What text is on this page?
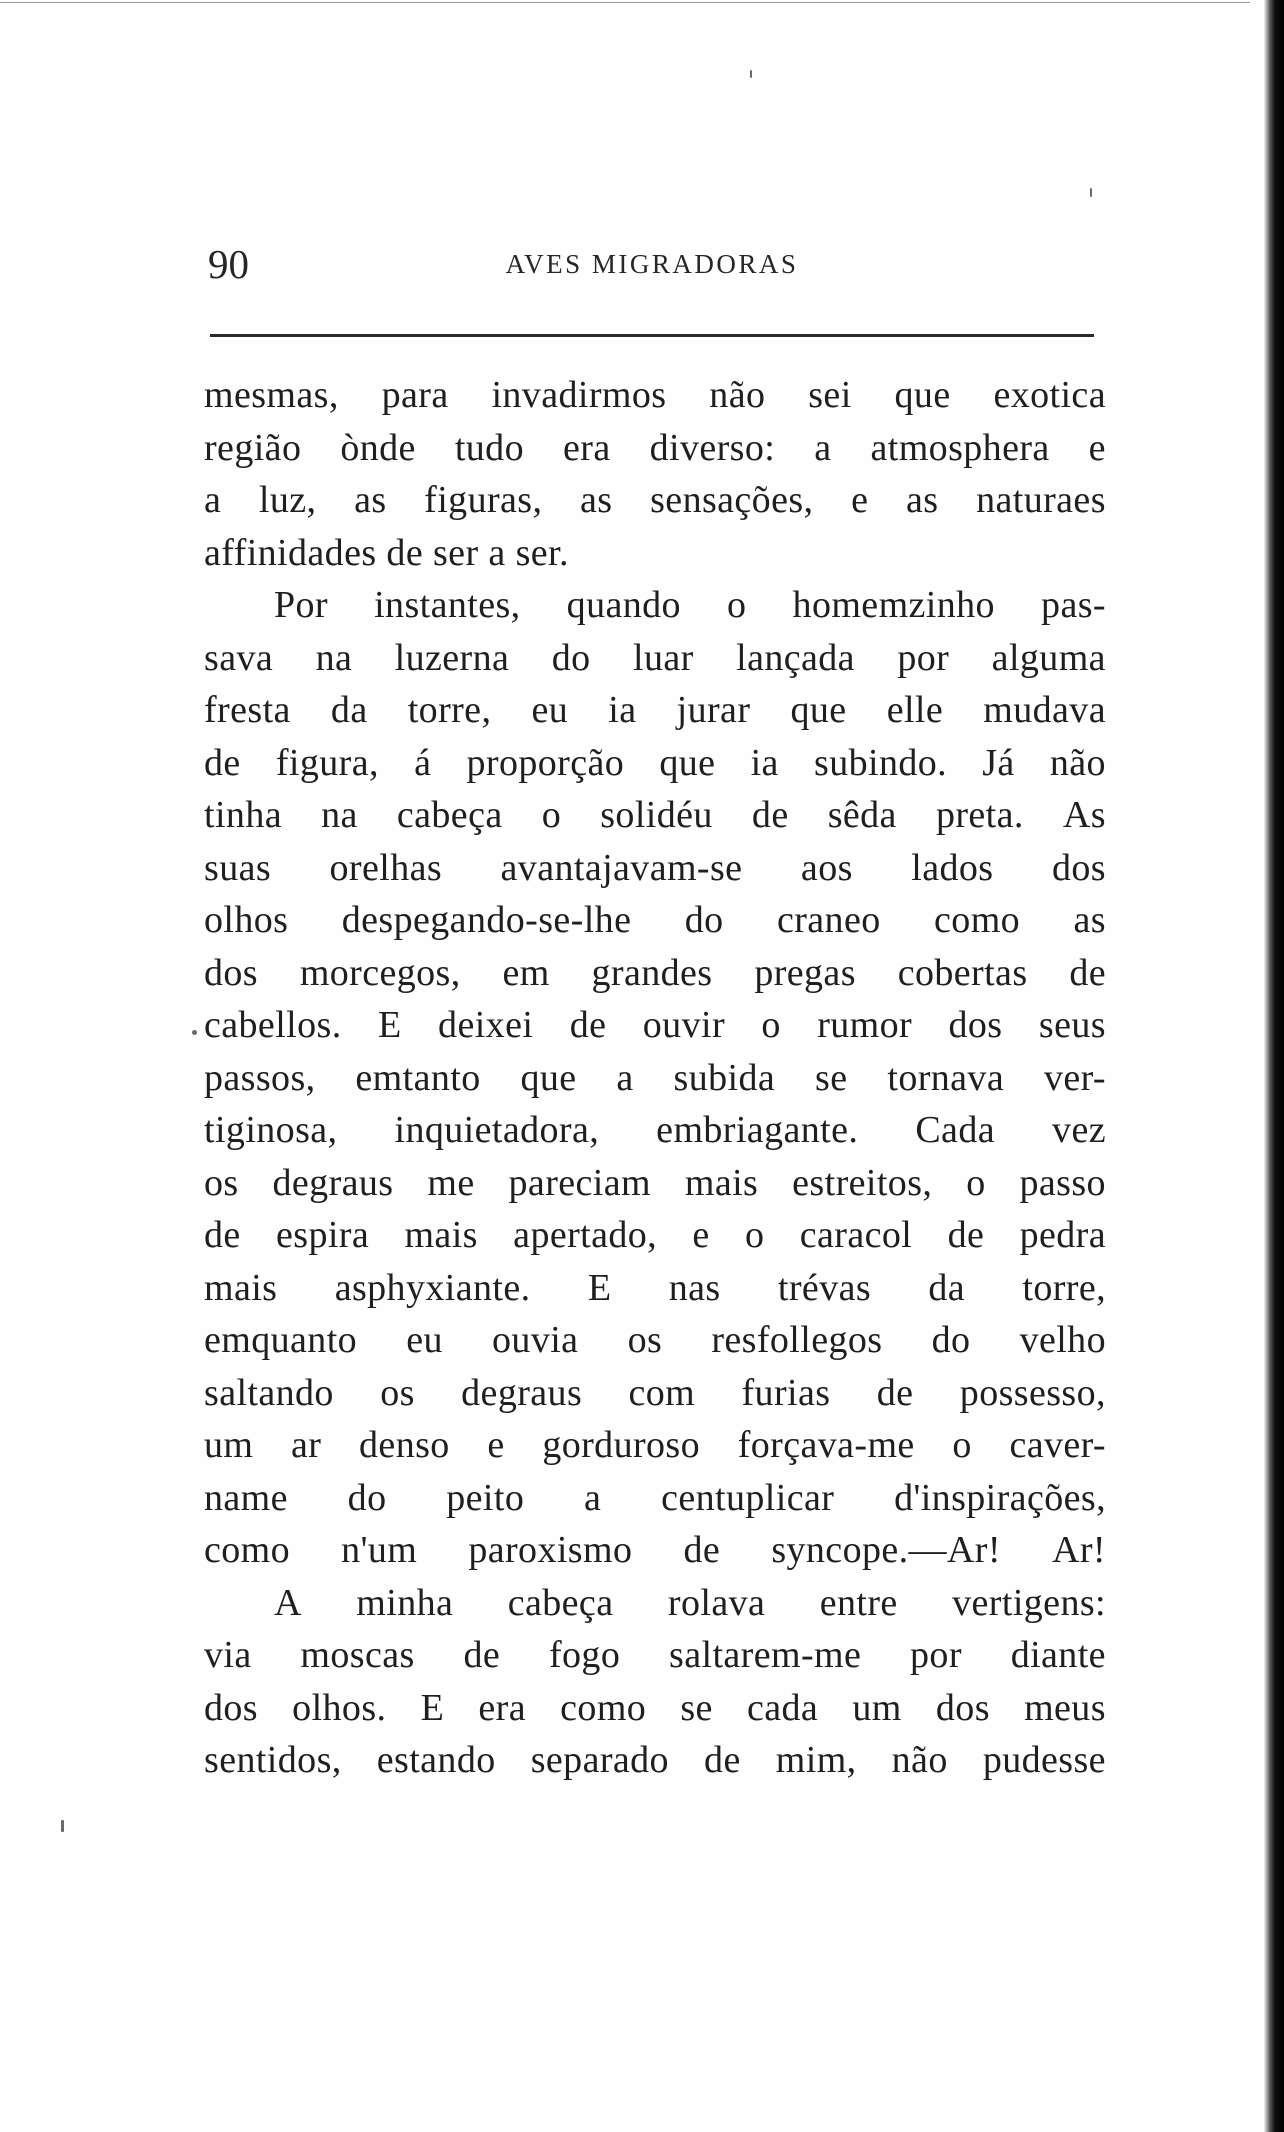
90	AVES MIGRADORAS
mesmas, para invadirmos não sei que exotica
região ònde tudo era diverso: a atmosphera e
a luz, as figuras, as sensações, e as naturaes
affinidades de ser a ser.
Por instantes, quando o homemzinho pas-
sava na luzerna do luar lançada por alguma
fresta da torre, eu ia jurar que elle mudava
de figura, á proporção que ia subindo. Já não
tinha na cabeça o solidéu de sêda preta. As
suas orelhas avantajavam-se aos lados dos
olhos despegando-se-lhe do craneo como as
dos morcegos, em grandes pregas cobertas de
cabellos. E deixei de ouvir o rumor dos seus
passos, emtanto que a subida se tornava ver-
tiginosa, inquietadora, embriagante. Cada vez
os degraus me pareciam mais estreitos, o passo
de espira mais apertado, e o caracol de pedra
mais asphyxiante. E nas trévas da torre,
emquanto eu ouvia os resfollegos do velho
saltando os degraus com furias de possesso,
um ar denso e gorduroso forçava-me o caver-
name do peito a centuplicar d'inspirações,
como n'um paroxismo de syncope.—Ar! Ar!
A minha cabeça rolava entre vertigens:
via moscas de fogo saltarem-me por diante
dos olhos. E era como se cada um dos meus
sentidos, estando separado de mim, não pudesse
